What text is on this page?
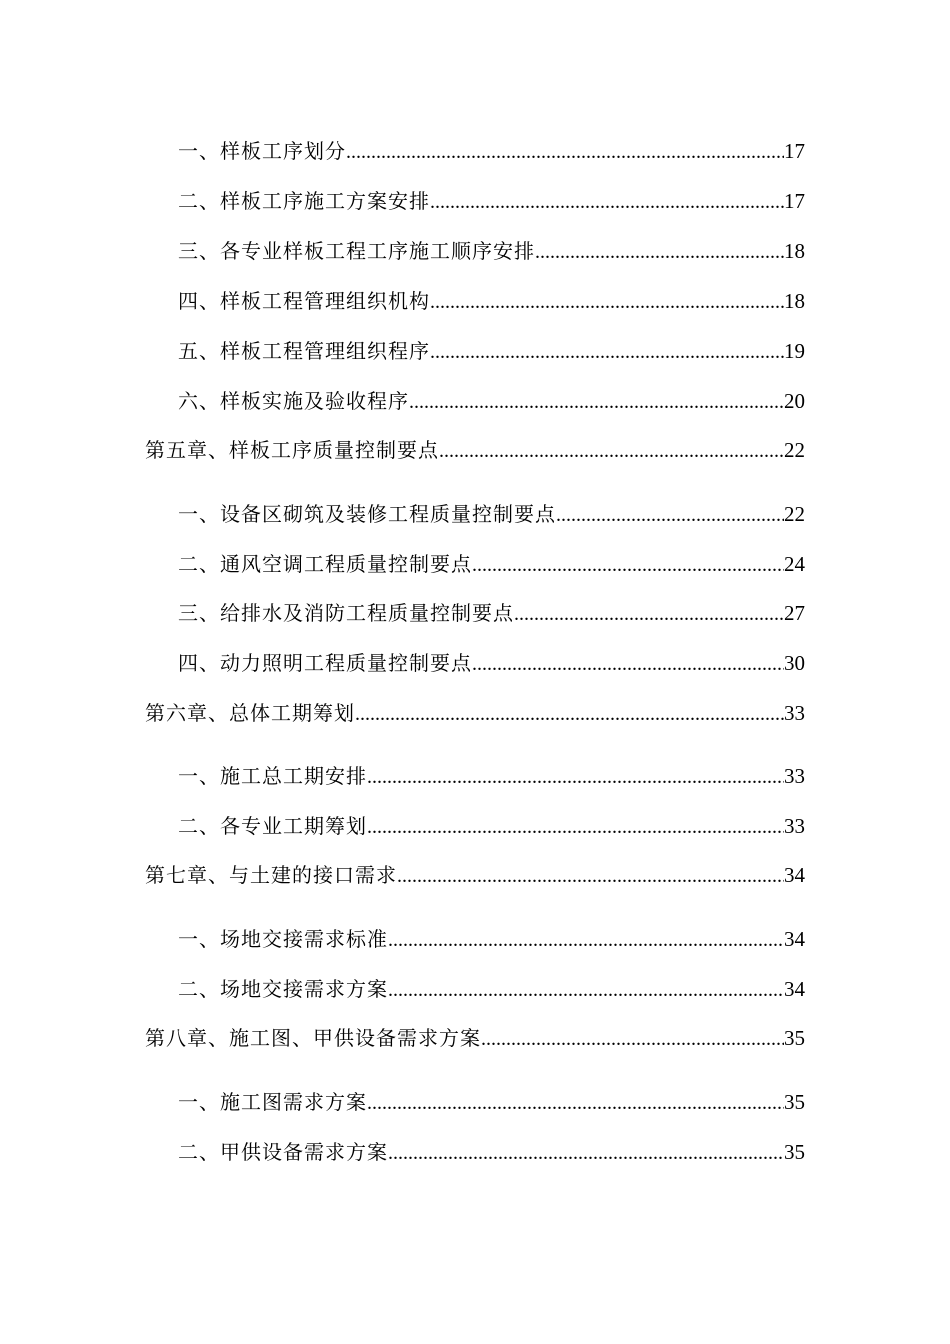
一、样板工序划分 .....	17
二、样板工序施工方案安排 .....	17
三、各专业样板工程工序施工顺序安排 .....	18
四、样板工程管理组织机构 .....	18
五、样板工程管理组织程序 .....	19
六、样板实施及验收程序 .....	20
第五章、样板工序质量控制要点 .....	22
一、设备区砌筑及装修工程质量控制要点 .....	22
二、通风空调工程质量控制要点 .....	24
三、给排水及消防工程质量控制要点 .....	27
四、动力照明工程质量控制要点 .....	30
第六章、总体工期筹划 .....	33
一、施工总工期安排 .....	33
二、各专业工期筹划 .....	33
第七章、与土建的接口需求 .....	34
一、场地交接需求标准 .....	34
二、场地交接需求方案 .....	34
第八章、施工图、甲供设备需求方案 .....	35
一、施工图需求方案 .....	35
二、甲供设备需求方案 .....	35
